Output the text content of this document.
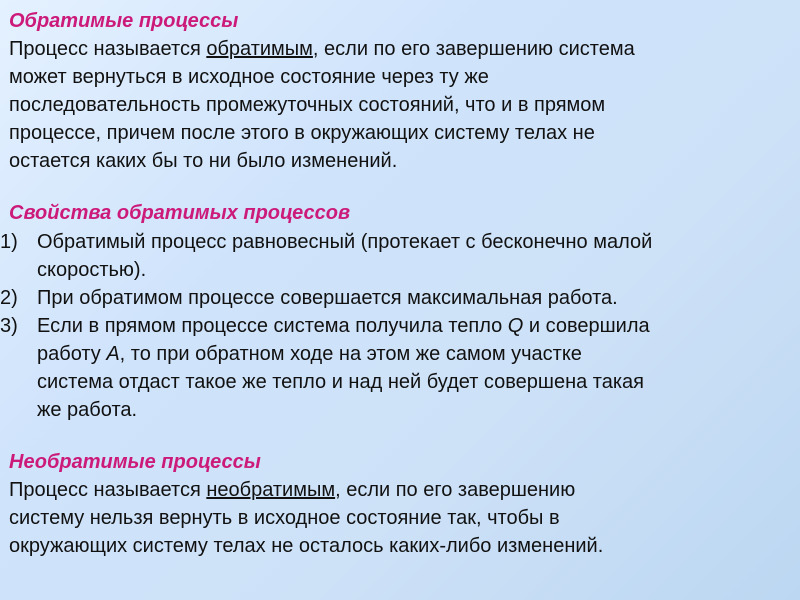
Обратимые процессы
Процесс называется обратимым, если по его завершению система
может вернуться в исходное состояние через ту же
последовательность промежуточных состояний, что и в прямом
процессе, причем после этого в окружающих систему телах не
остается каких бы то ни было изменений.
Свойства обратимых процессов
1) Обратимый процесс равновесный (протекает с бесконечно малой
скоростью).
2) При обратимом процессе совершается максимальная работа.
3) Если в прямом процессе система получила тепло Q и совершила
работу А, то при обратном ходе на этом же самом участке
система отдаст такое же тепло и над ней будет совершена такая
же работа.
Необратимые процессы
Процесс называется необратимым, если по его завершению
систему нельзя вернуть в исходное состояние так, чтобы в
окружающих систему телах не осталось каких-либо изменений.
